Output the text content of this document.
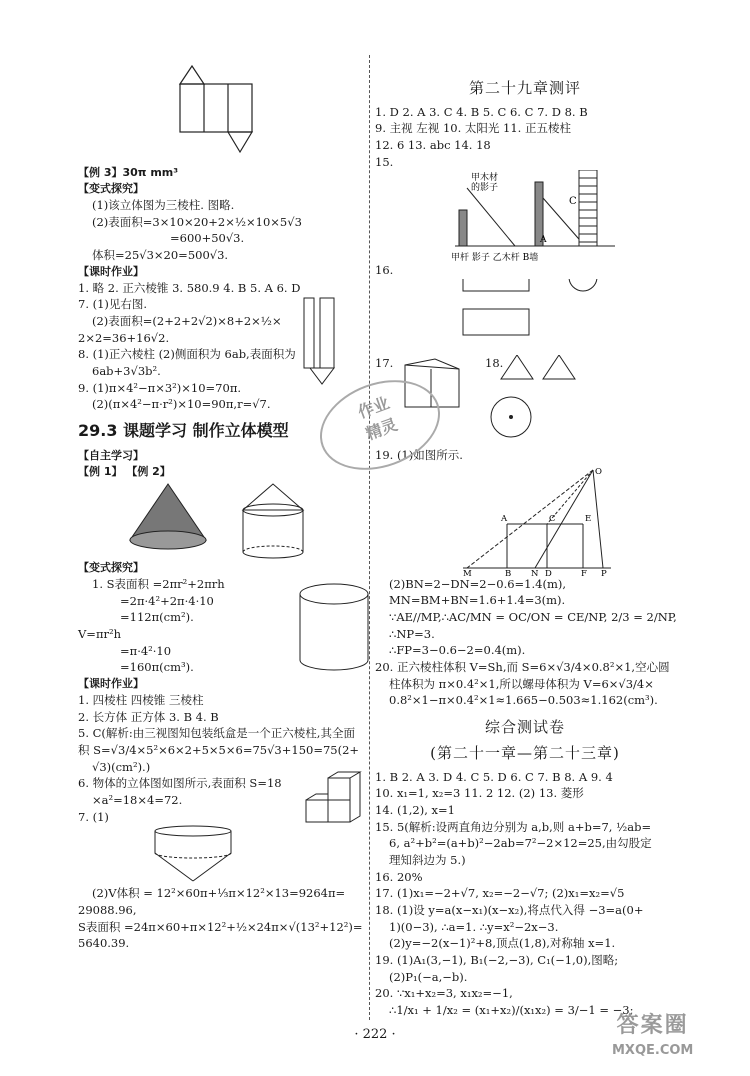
【例 3】30π mm³
【变式探究】
(1)该立体图为三棱柱. 图略.
(2)表面积=3×10×20+2×½×10×5√3
=600+50√3.
体积=25√3×20=500√3.
【课时作业】
1. 略 2. 正六棱锥 3. 580.9 4. B 5. A 6. D
7. (1)见右图.
(2)表面积=(2+2+2√2)×8+2×½×
2×2=36+16√2.
8. (1)正六棱柱 (2)侧面积为 6ab,表面积为
6ab+3√3b².
9. (1)π×4²−π×3²)×10=70π.
(2)(π×4²−π·r²)×10=90π,r=√7.
29.3 课题学习 制作立体模型
【自主学习】
【例 1】 【例 2】
【变式探究】
1. S表面积 =2πr²+2πrh
=2π·4²+2π·4·10
=112π(cm²).
V=πr²h
=π·4²·10
=160π(cm³).
【课时作业】
1. 四棱柱 四棱锥 三棱柱
2. 长方体 正方体 3. B 4. B
5. C(解析:由三视图知包装纸盒是一个正六棱柱,其全面
积 S=√3/4×5²×6×2+5×5×6=75√3+150=75(2+
√3)(cm²).)
6. 物体的立体图如图所示,表面积 S=18
×a²=18×4=72.
7. (1)
(2)V体积 = 12²×60π+⅓π×12²×13=9264π=
29088.96,
S表面积 =24π×60+π×12²+½×24π×√(13²+12²)=
5640.39.
第二十九章测评
1. D 2. A 3. C 4. B 5. C 6. C 7. D 8. B
9. 主视 左视 10. 太阳光 11. 正五棱柱
12. 6 13. abc 14. 18
15.
甲木材
的影子
C
A
甲杆 影子 乙木杆 B墙
16.
17.	18.
19. (1)如图所示.
O
A	C	E
M	B N D	F P
(2)BN=2−DN=2−0.6=1.4(m),
MN=BM+BN=1.6+1.4=3(m).
∵AE//MP,∴AC/MN = OC/ON = CE/NP, 2/3 = 2/NP,
∴NP=3.
∴FP=3−0.6−2=0.4(m).
20. 正六棱柱体积 V=Sh,而 S=6×√3/4×0.8²×1,空心圆
柱体积为 π×0.4²×1,所以螺母体积为 V=6×√3/4×
0.8²×1−π×0.4²×1≈1.665−0.503≈1.162(cm³).
综合测试卷
(第二十一章—第二十三章)
1. B 2. A 3. D 4. C 5. D 6. C 7. B 8. A 9. 4
10. x₁=1, x₂=3 11. 2 12. (2) 13. 菱形
14. (1,2), x=1
15. 5(解析:设两直角边分别为 a,b,则 a+b=7, ½ab=
6, a²+b²=(a+b)²−2ab=7²−2×12=25,由勾股定
理知斜边为 5.)
16. 20%
17. (1)x₁=−2+√7, x₂=−2−√7; (2)x₁=x₂=√5
18. (1)设 y=a(x−x₁)(x−x₂),将点代入得 −3=a(0+
1)(0−3), ∴a=1. ∴y=x²−2x−3.
(2)y=−2(x−1)²+8,顶点(1,8),对称轴 x=1.
19. (1)A₁(3,−1), B₁(−2,−3), C₁(−1,0),图略;
(2)P₁(−a,−b).
20. ∵x₁+x₂=3, x₁x₂=−1,
∴1/x₁ + 1/x₂ = (x₁+x₂)/(x₁x₂) = 3/−1 = −3;
作业
精灵
答案圈
MXQE.COM
· 222 ·
